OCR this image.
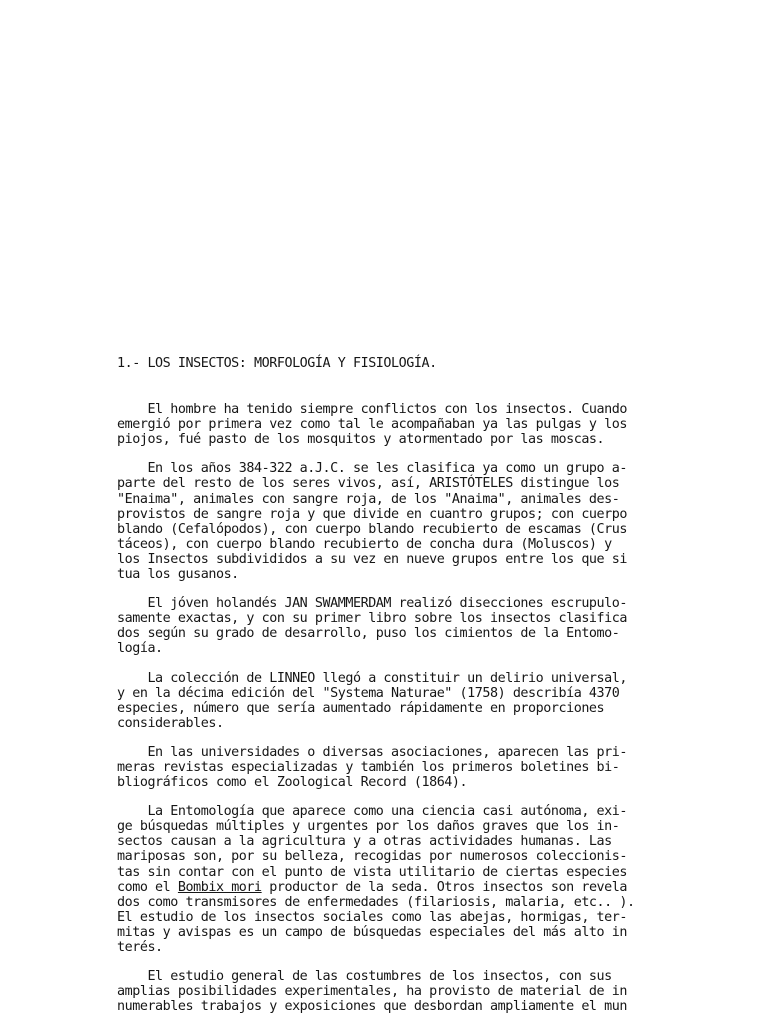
1.- LOS INSECTOS: MORFOLOGÍA Y FISIOLOGÍA.
El hombre ha tenido siempre conflictos con los insectos. Cuando
emergió por primera vez como tal le acompañaban ya las pulgas y los
piojos, fué pasto de los mosquitos y atormentado por las moscas.
En los años 384-322 a.J.C. se les clasifica ya como un grupo a-
parte del resto de los seres vivos, así, ARISTÓTELES distingue los
"Enaima", animales con sangre roja, de los "Anaima", animales des-
provistos de sangre roja y que divide en cuantro grupos; con cuerpo
blando (Cefalópodos), con cuerpo blando recubierto de escamas (Crus
táceos), con cuerpo blando recubierto de concha dura (Moluscos) y
los Insectos subdivididos a su vez en nueve grupos entre los que si
tua los gusanos.
El jóven holandés JAN SWAMMERDAM realizó disecciones escrupulo-
samente exactas, y con su primer libro sobre los insectos clasifica
dos según su grado de desarrollo, puso los cimientos de la Entomo-
logía.
La colección de LINNEO llegó a constituir un delirio universal,
y en la décima edición del "Systema Naturae" (1758) describía 4370
especies, número que sería aumentado rápidamente en proporciones
considerables.
En las universidades o diversas asociaciones, aparecen las pri-
meras revistas especializadas y también los primeros boletines bi-
bliográficos como el Zoological Record (1864).
La Entomología que aparece como una ciencia casi autónoma, exi-
ge búsquedas múltiples y urgentes por los daños graves que los in-
sectos causan a la agricultura y a otras actividades humanas. Las
mariposas son, por su belleza, recogidas por numerosos coleccionis-
tas sin contar con el punto de vista utilitario de ciertas especies
como el Bombix mori productor de la seda. Otros insectos son revela
dos como transmisores de enfermedades (filariosis, malaria, etc.. ).
El estudio de los insectos sociales como las abejas, hormigas, ter-
mitas y avispas es un campo de búsquedas especiales del más alto in
terés.
El estudio general de las costumbres de los insectos, con sus
amplias posibilidades experimentales, ha provisto de material de in
numerables trabajos y exposiciones que desbordan ampliamente el mun
